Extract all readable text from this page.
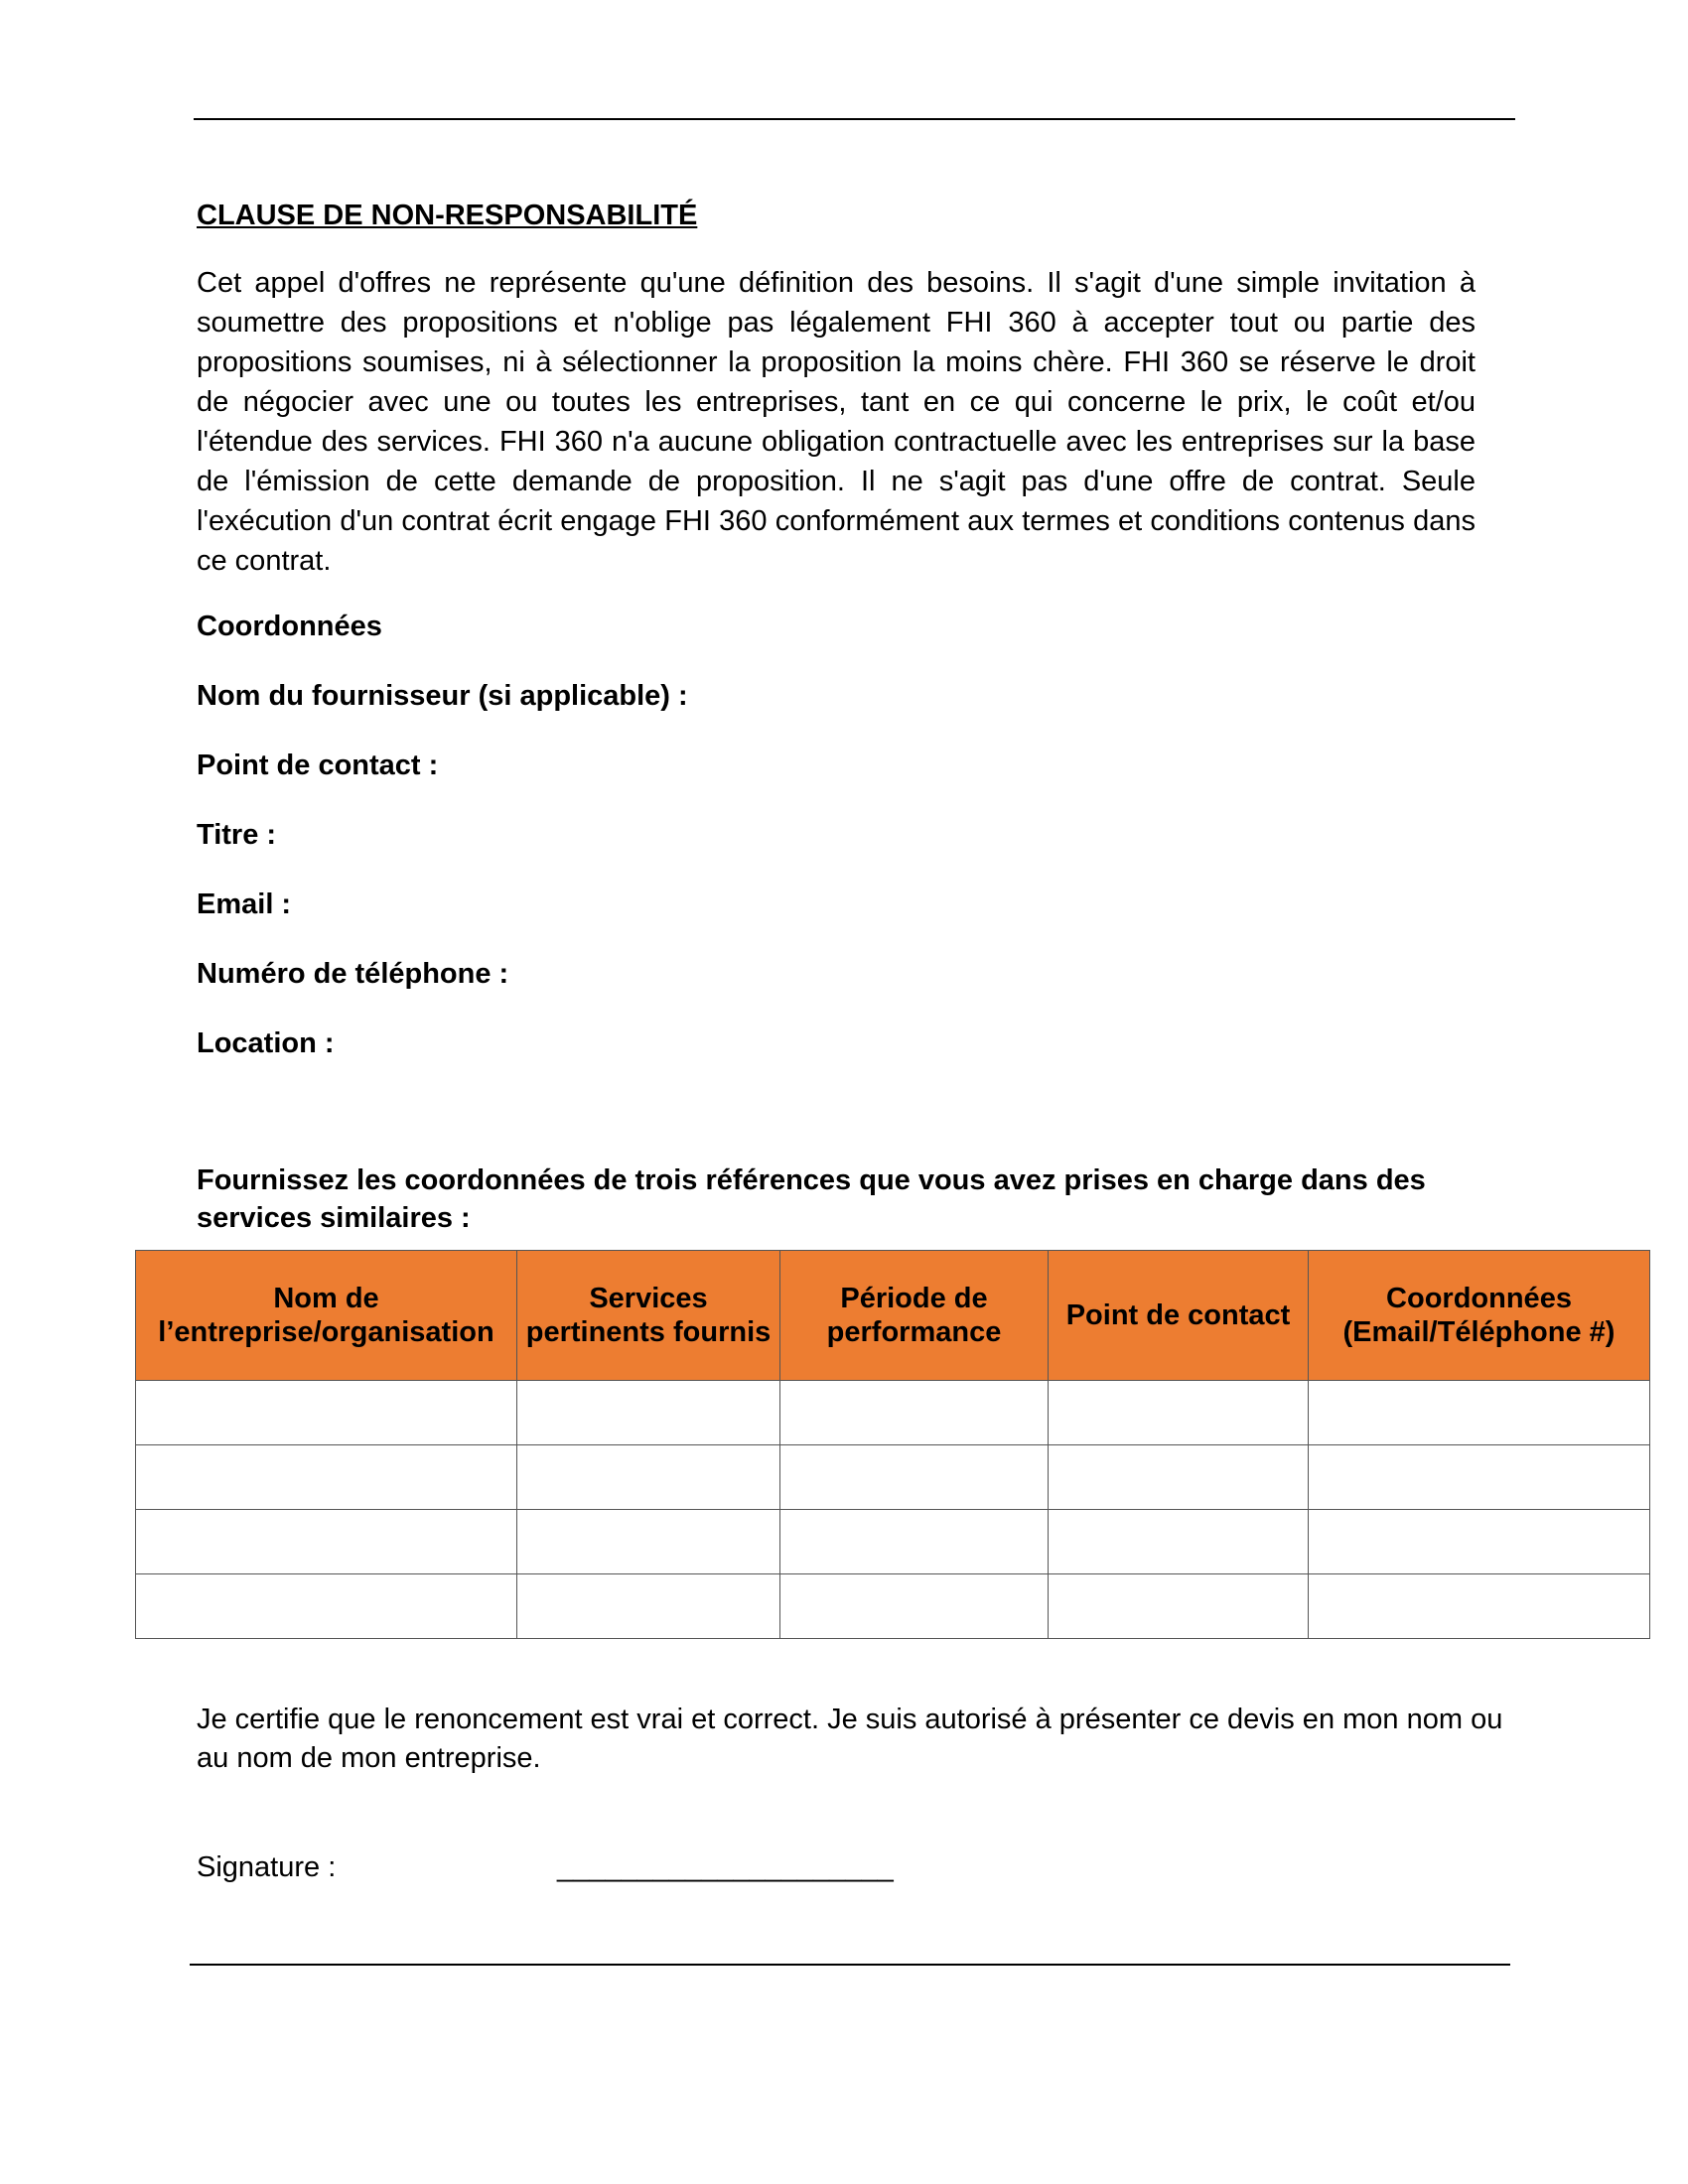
CLAUSE DE NON-RESPONSABILITÉ
Cet appel d'offres ne représente qu'une définition des besoins. Il s'agit d'une simple invitation à soumettre des propositions et n'oblige pas légalement FHI 360 à accepter tout ou partie des propositions soumises, ni à sélectionner la proposition la moins chère. FHI 360 se réserve le droit de négocier avec une ou toutes les entreprises, tant en ce qui concerne le prix, le coût et/ou l'étendue des services. FHI 360 n'a aucune obligation contractuelle avec les entreprises sur la base de l'émission de cette demande de proposition. Il ne s'agit pas d'une offre de contrat. Seule l'exécution d'un contrat écrit engage FHI 360 conformément aux termes et conditions contenus dans ce contrat.
Coordonnées
Nom du fournisseur (si applicable) :
Point de contact :
Titre :
Email :
Numéro de téléphone :
Location :
Fournissez les coordonnées de trois références que vous avez prises en charge dans des services similaires :
Nom de l’entreprise/organisation	Services pertinents fournis	Période de performance	Point de contact	Coordonnées (Email/Téléphone #)

Je certifie que le renoncement est vrai et correct. Je suis autorisé à présenter ce devis en mon nom ou au nom de mon entreprise.
Signature :	_____________________
